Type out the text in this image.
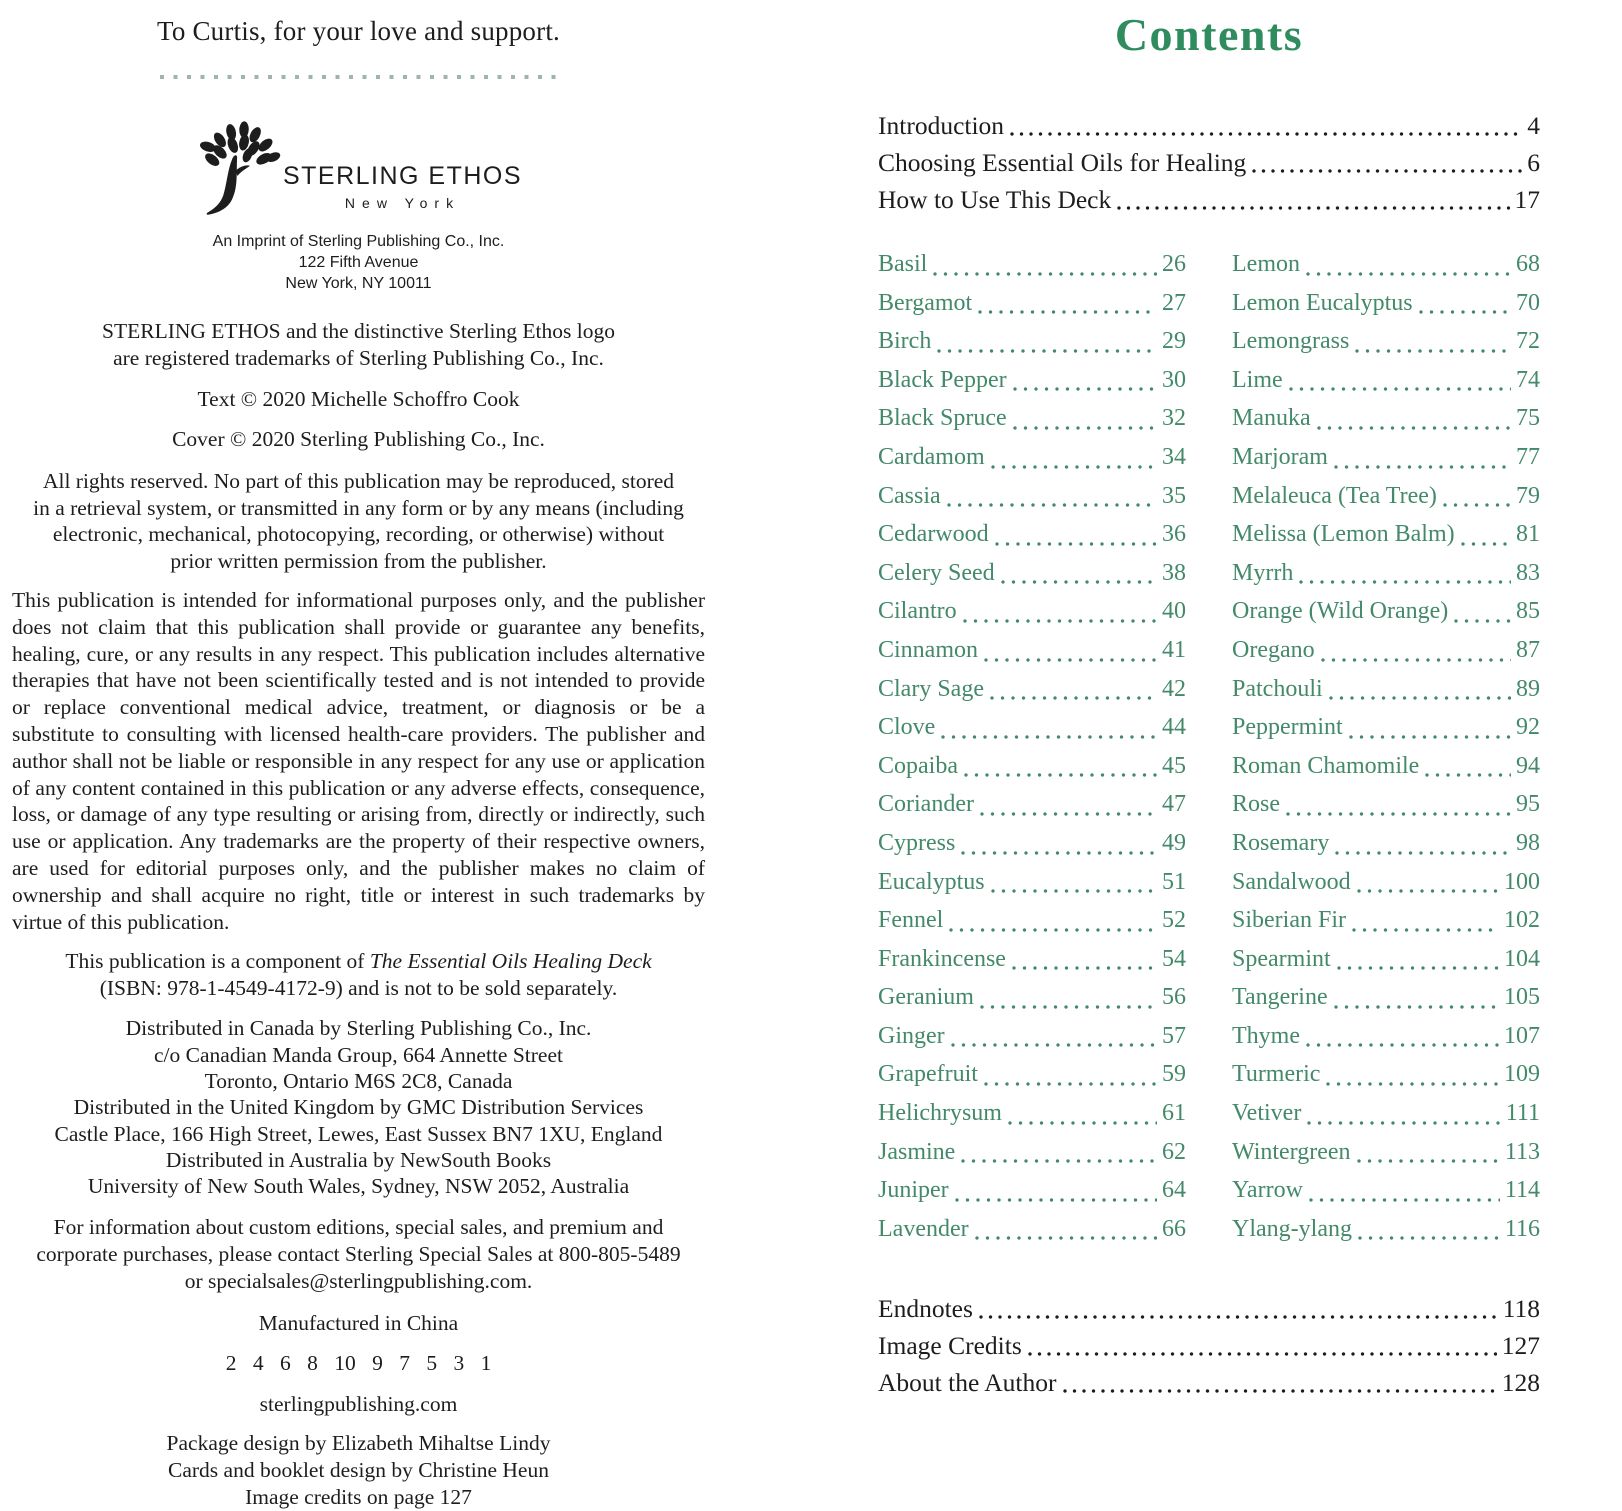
To Curtis, for your love and support.
STERLING ETHOS
New York
An Imprint of Sterling Publishing Co., Inc.
122 Fifth Avenue
New York, NY 10011
STERLING ETHOS and the distinctive Sterling Ethos logo
are registered trademarks of Sterling Publishing Co., Inc.
Text © 2020 Michelle Schoffro Cook
Cover © 2020 Sterling Publishing Co., Inc.
All rights reserved. No part of this publication may be reproduced, stored in a retrieval system, or transmitted in any form or by any means (including electronic, mechanical, photocopying, recording, or otherwise) without prior written permission from the publisher.
This publication is intended for informational purposes only, and the publisher does not claim that this publication shall provide or guarantee any benefits, healing, cure, or any results in any respect. This publication includes alternative therapies that have not been scientifically tested and is not intended to provide or replace conventional medical advice, treatment, or diagnosis or be a substitute to consulting with licensed health-care providers. The publisher and author shall not be liable or responsible in any respect for any use or application of any content contained in this publication or any adverse effects, consequence, loss, or damage of any type resulting or arising from, directly or indirectly, such use or application. Any trademarks are the property of their respective owners, are used for editorial purposes only, and the publisher makes no claim of ownership and shall acquire no right, title or interest in such trademarks by virtue of this publication.
This publication is a component of The Essential Oils Healing Deck (ISBN: 978-1-4549-4172-9) and is not to be sold separately.
Distributed in Canada by Sterling Publishing Co., Inc.
c/o Canadian Manda Group, 664 Annette Street
Toronto, Ontario M6S 2C8, Canada
Distributed in the United Kingdom by GMC Distribution Services
Castle Place, 166 High Street, Lewes, East Sussex BN7 1XU, England
Distributed in Australia by NewSouth Books
University of New South Wales, Sydney, NSW 2052, Australia
For information about custom editions, special sales, and premium and corporate purchases, please contact Sterling Special Sales at 800-805-5489 or specialsales@sterlingpublishing.com.
Manufactured in China
2 4 6 8 10 9 7 5 3 1
sterlingpublishing.com
Package design by Elizabeth Mihaltse Lindy
Cards and booklet design by Christine Heun
Image credits on page 127
Contents
Introduction	4
Choosing Essential Oils for Healing	6
How to Use This Deck	17
Basil	26
Bergamot	27
Birch	29
Black Pepper	30
Black Spruce	32
Cardamom	34
Cassia	35
Cedarwood	36
Celery Seed	38
Cilantro	40
Cinnamon	41
Clary Sage	42
Clove	44
Copaiba	45
Coriander	47
Cypress	49
Eucalyptus	51
Fennel	52
Frankincense	54
Geranium	56
Ginger	57
Grapefruit	59
Helichrysum	61
Jasmine	62
Juniper	64
Lavender	66
Lemon	68
Lemon Eucalyptus	70
Lemongrass	72
Lime	74
Manuka	75
Marjoram	77
Melaleuca (Tea Tree)	79
Melissa (Lemon Balm)	81
Myrrh	83
Orange (Wild Orange)	85
Oregano	87
Patchouli	89
Peppermint	92
Roman Chamomile	94
Rose	95
Rosemary	98
Sandalwood	100
Siberian Fir	102
Spearmint	104
Tangerine	105
Thyme	107
Turmeric	109
Vetiver	111
Wintergreen	113
Yarrow	114
Ylang-ylang	116
Endnotes	118
Image Credits	127
About the Author	128
